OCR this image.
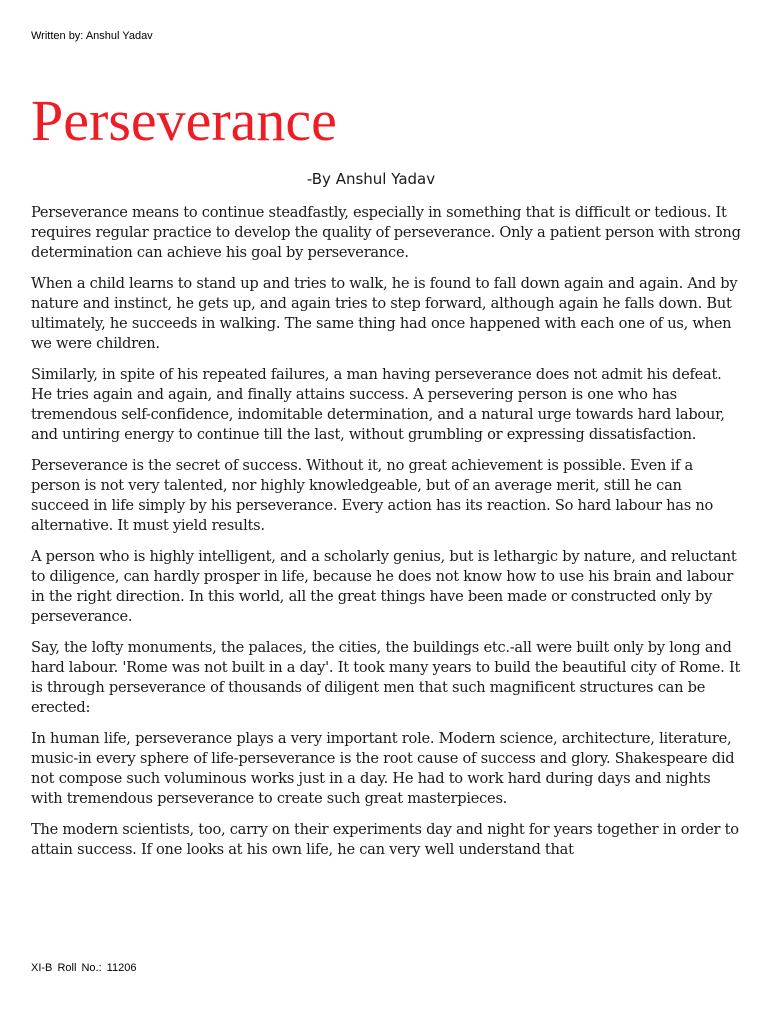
Written by: Anshul Yadav
Perseverance
-By Anshul Yadav

Perseverance means to continue steadfastly, especially in something that is difficult or tedious. It requires regular practice to develop the quality of perseverance. Only a patient person with strong determination can achieve his goal by perseverance.

When a child learns to stand up and tries to walk, he is found to fall down again and again. And by nature and instinct, he gets up, and again tries to step forward, although again he falls down. But ultimately, he succeeds in walking. The same thing had once happened with each one of us, when we were children.

Similarly, in spite of his repeated failures, a man having perseverance does not admit his defeat. He tries again and again, and finally attains success. A persevering person is one who has tremendous self-confidence, indomitable determination, and a natural urge towards hard labour, and untiring energy to continue till the last, without grumbling or expressing dissatisfaction.

Perseverance is the secret of success. Without it, no great achievement is possible. Even if a person is not very talented, nor highly knowledgeable, but of an average merit, still he can succeed in life simply by his perseverance. Every action has its reaction. So hard labour has no alternative. It must yield results.

A person who is highly intelligent, and a scholarly genius, but is lethargic by nature, and reluctant to diligence, can hardly prosper in life, because he does not know how to use his brain and labour in the right direction. In this world, all the great things have been made or constructed only by perseverance.

Say, the lofty monuments, the palaces, the cities, the buildings etc.-all were built only by long and hard labour. 'Rome was not built in a day'. It took many years to build the beautiful city of Rome. It is through perseverance of thousands of diligent men that such magnificent structures can be erected:

In human life, perseverance plays a very important role. Modern science, architecture, literature, music-in every sphere of life-perseverance is the root cause of success and glory. Shakespeare did not compose such voluminous works just in a day. He had to work hard during days and nights with tremendous perseverance to create such great masterpieces.

The modern scientists, too, carry on their experiments day and night for years together in order to attain success. If one looks at his own life, he can very well understand that

XI-B Roll No.: 11206
